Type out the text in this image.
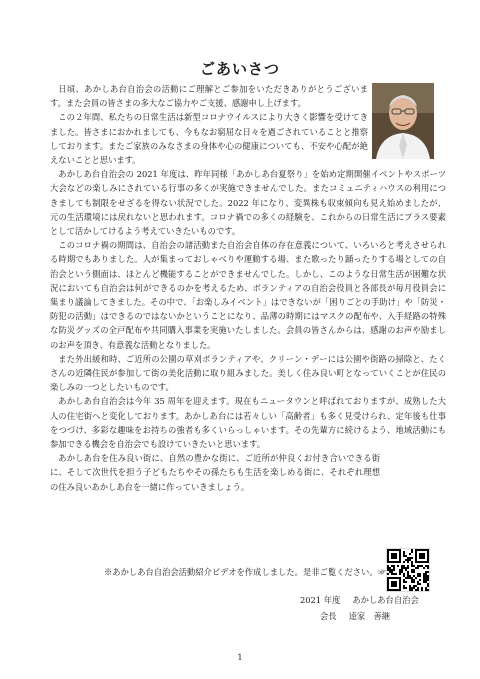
ごあいさつ

日頃、あかしあ台自治会の活動にご理解とご参加をいただきありがとうございます。また会員の皆さまの多大なご協力やご支援、感謝申し上げます。

この２年間、私たちの日常生活は新型コロナウイルスにより大きく影響を受けてきました。皆さまにおかれましても、今もなお窮屈な日々を過ごされていることと推察しております。またご家族のみなさまの身体や心の健康についても、不安や心配が絶えないことと思います。

あかしあ台自治会の 2021 年度は、昨年同様「あかしあ台夏祭り」を始め定期開催イベントやスポーツ大会などの楽しみにされている行事の多くが実施できませんでした。またコミュニティハウスの利用につきましても制限をせざるを得ない状況でした。2022 年になり、変異株も収束傾向も見え始めましたが、元の生活環境には戻れないと思われます。コロナ禍での多くの経験を、これからの日常生活にプラス要素として活かしてけるよう考えていきたいものです。

このコロナ禍の期間は、自治会の諸活動また自治会自体の存在意義について、いろいろと考えさせられる時期でもありました。人が集まっておしゃべりや運動する場、また歌ったり踊ったりする場としての自治会という側面は、ほとんど機能することができませんでした。しかし、このような日常生活が困難な状況においても自治会は何ができるのかを考えるため、ボランティアの自治会役員と各部長が毎月役員会に集まり議論してきました。その中で、「お楽しみイベント」はできないが「困りごとの手助け」や「防災・防犯の活動」はできるのではないかということになり、品薄の時期にはマスクの配布や、入手経路の特殊な防災グッズの全戸配布や共同購入事業を実施いたしました。会員の皆さんからは、感謝のお声や励ましのお声を頂き、有意義な活動となりました。

また外出緩和時、ご近所の公園の草刈ボランティアや、クリーン・デーには公園や街路の掃除と、たくさんの近隣住民が参加して街の美化活動に取り組みました。美しく住み良い町となっていくことが住民の楽しみの一つとしたいものです。

あかしあ台自治会は今年 35 周年を迎えます。現在もニュータウンと呼ばれておりますが、成熟した大人の住宅街へと変化しております。あかしあ台には若々しい「高齢者」も多く見受けられ、定年後も仕事をつづけ、多彩な趣味をお持ちの強者も多くいらっしゃいます。その先輩方に続けるよう、地域活動にも参加できる機会を自治会でも設けていきたいと思います。

あかしあ台を住み良い街に、自然の豊かな街に、ご近所が仲良くお付き合いできる街に、そして次世代を担う子どもたちやその孫たちも生活を楽しめる街に、それぞれ理想の住み良いあかしあ台を一緒に作っていきましょう。

※あかしあ台自治会活動紹介ビデオを作成しました。是非ご覧ください。☞
2021 年度 あかしあ台自治会
会長 逵家　善継
1
